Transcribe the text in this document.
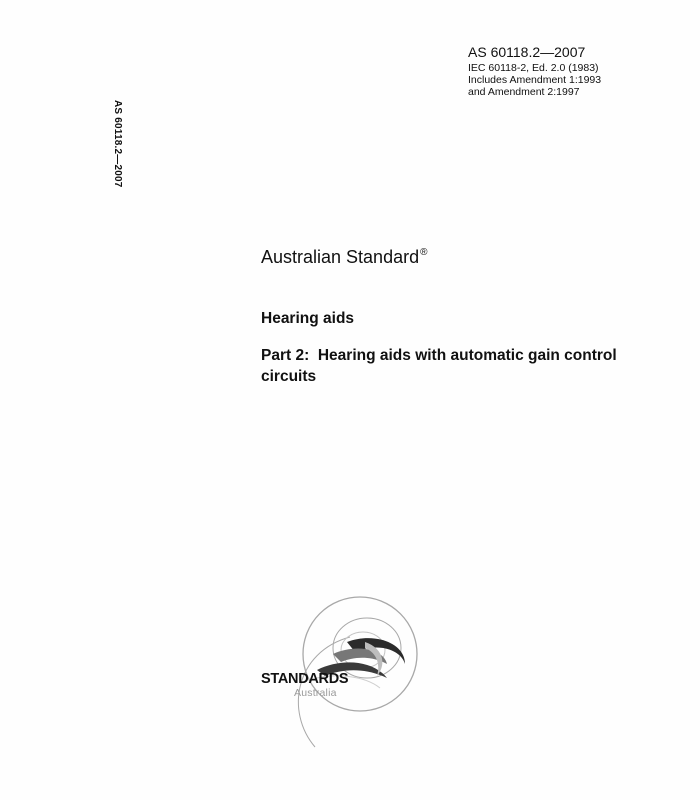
AS 60118.2—2007
IEC 60118-2, Ed. 2.0 (1983)
Includes Amendment 1:1993
and Amendment 2:1997
AS 60118.2—2007
Australian Standard®
Hearing aids
Part 2:  Hearing aids with automatic gain control circuits
STANDARDS
Australia
